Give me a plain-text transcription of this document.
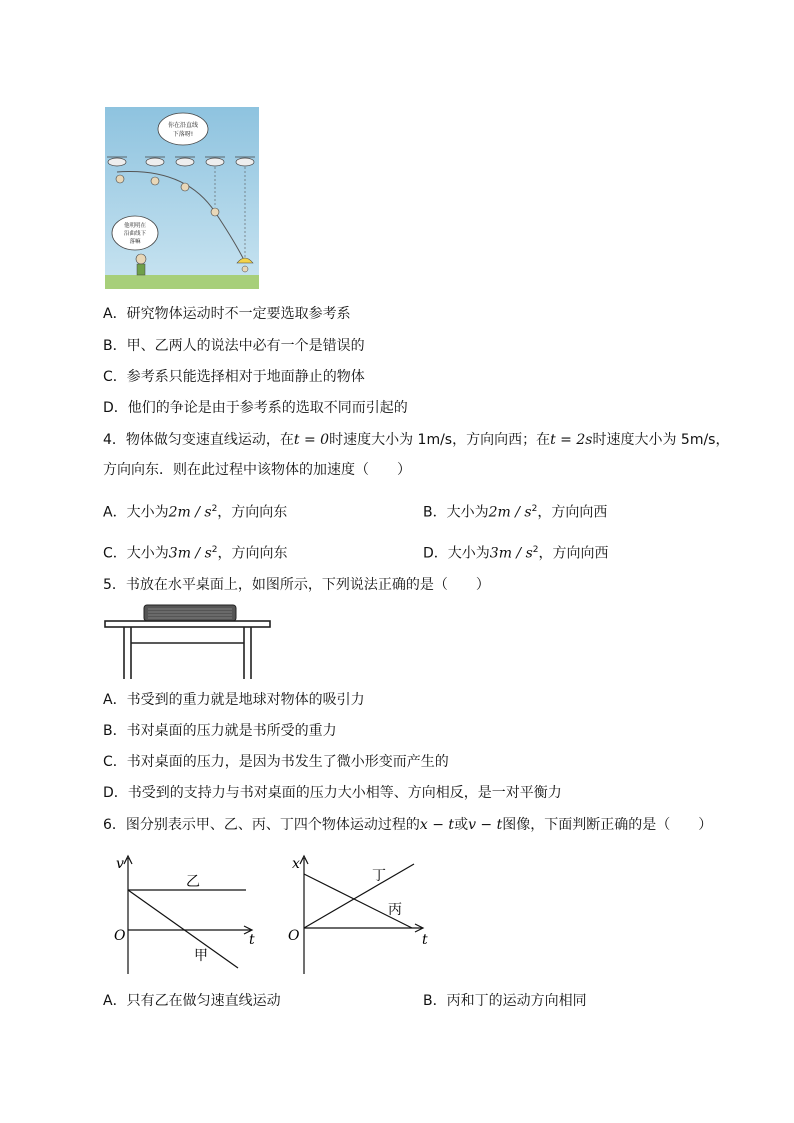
你在沿直线
下落呀!
他明明在
沿曲线下
落嘛
A．研究物体运动时不一定要选取参考系
B．甲、乙两人的说法中必有一个是错误的
C．参考系只能选择相对于地面静止的物体
D．他们的争论是由于参考系的选取不同而引起的
4．物体做匀变速直线运动，在t = 0时速度大小为 1m/s，方向向西；在t = 2s时速度大小为 5m/s，
方向向东．则在此过程中该物体的加速度（　　）
A．大小为$2m / s^2$，方向向东	B．大小为$2m / s^2$，方向向西
C．大小为$3m / s^2$，方向向东	D．大小为$3m / s^2$，方向向西
5．书放在水平桌面上，如图所示，下列说法正确的是（　　）
A．书受到的重力就是地球对物体的吸引力
B．书对桌面的压力就是书所受的重力
C．书对桌面的压力，是因为书发生了微小形变而产生的
D．书受到的支持力与书对桌面的压力大小相等、方向相反，是一对平衡力
6．图分别表示甲、乙、丙、丁四个物体运动过程的x − t或v − t图像，下面判断正确的是（　　）
v
t
O
乙
甲
x
t
O
丁
丙
A．只有乙在做匀速直线运动	B．丙和丁的运动方向相同
